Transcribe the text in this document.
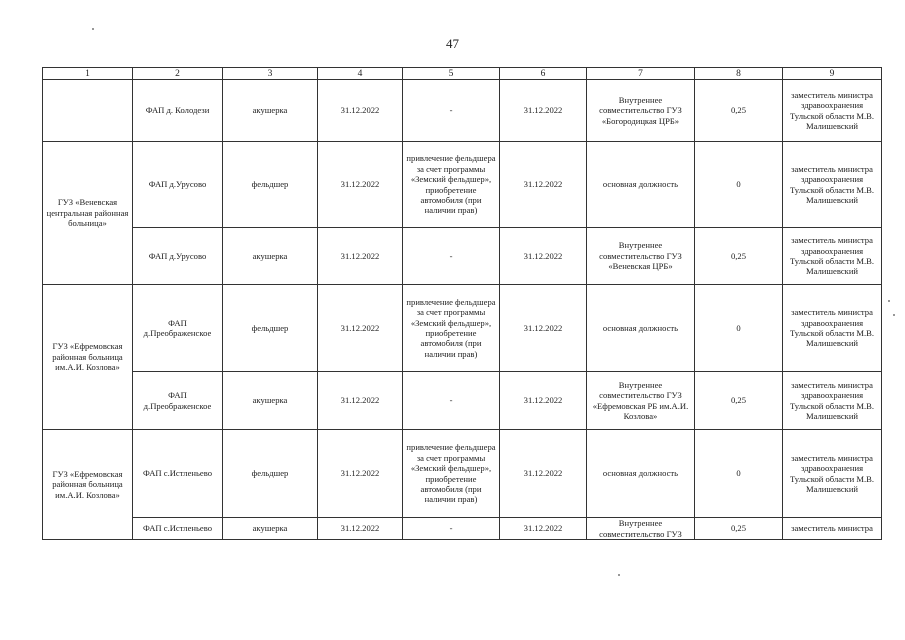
47
1	2	3	4	5	6	7	8	9
	ФАП д. Колодези	акушерка	31.12.2022	-	31.12.2022	Внутреннее совместительство ГУЗ «Богородицкая ЦРБ»	0,25	заместитель министра здравоохранения Тульской области М.В. Малишевский
ГУЗ «Веневская центральная районная больница»	ФАП д.Урусово	фельдшер	31.12.2022	привлечение фельдшера за счет программы «Земский фельдшер», приобретение автомобиля (при наличии прав)	31.12.2022	основная должность	0	заместитель министра здравоохранения Тульской области М.В. Малишевский
	ФАП д.Урусово	акушерка	31.12.2022	-	31.12.2022	Внутреннее совместительство ГУЗ «Веневская ЦРБ»	0,25	заместитель министра здравоохранения Тульской области М.В. Малишевский
ГУЗ «Ефремовская районная больница им.А.И. Козлова»	ФАП д.Преображенское	фельдшер	31.12.2022	привлечение фельдшера за счет программы «Земский фельдшер», приобретение автомобиля (при наличии прав)	31.12.2022	основная должность	0	заместитель министра здравоохранения Тульской области М.В. Малишевский
	ФАП д.Преображенское	акушерка	31.12.2022	-	31.12.2022	Внутреннее совместительство ГУЗ «Ефремовская РБ им.А.И. Козлова»	0,25	заместитель министра здравоохранения Тульской области М.В. Малишевский
ГУЗ «Ефремовская районная больница им.А.И. Козлова»	ФАП с.Истленьево	фельдшер	31.12.2022	привлечение фельдшера за счет программы «Земский фельдшер», приобретение автомобиля (при наличии прав)	31.12.2022	основная должность	0	заместитель министра здравоохранения Тульской области М.В. Малишевский
	ФАП с.Истленьево	акушерка	31.12.2022	-	31.12.2022	Внутреннее совместительство ГУЗ	0,25	заместитель министра
